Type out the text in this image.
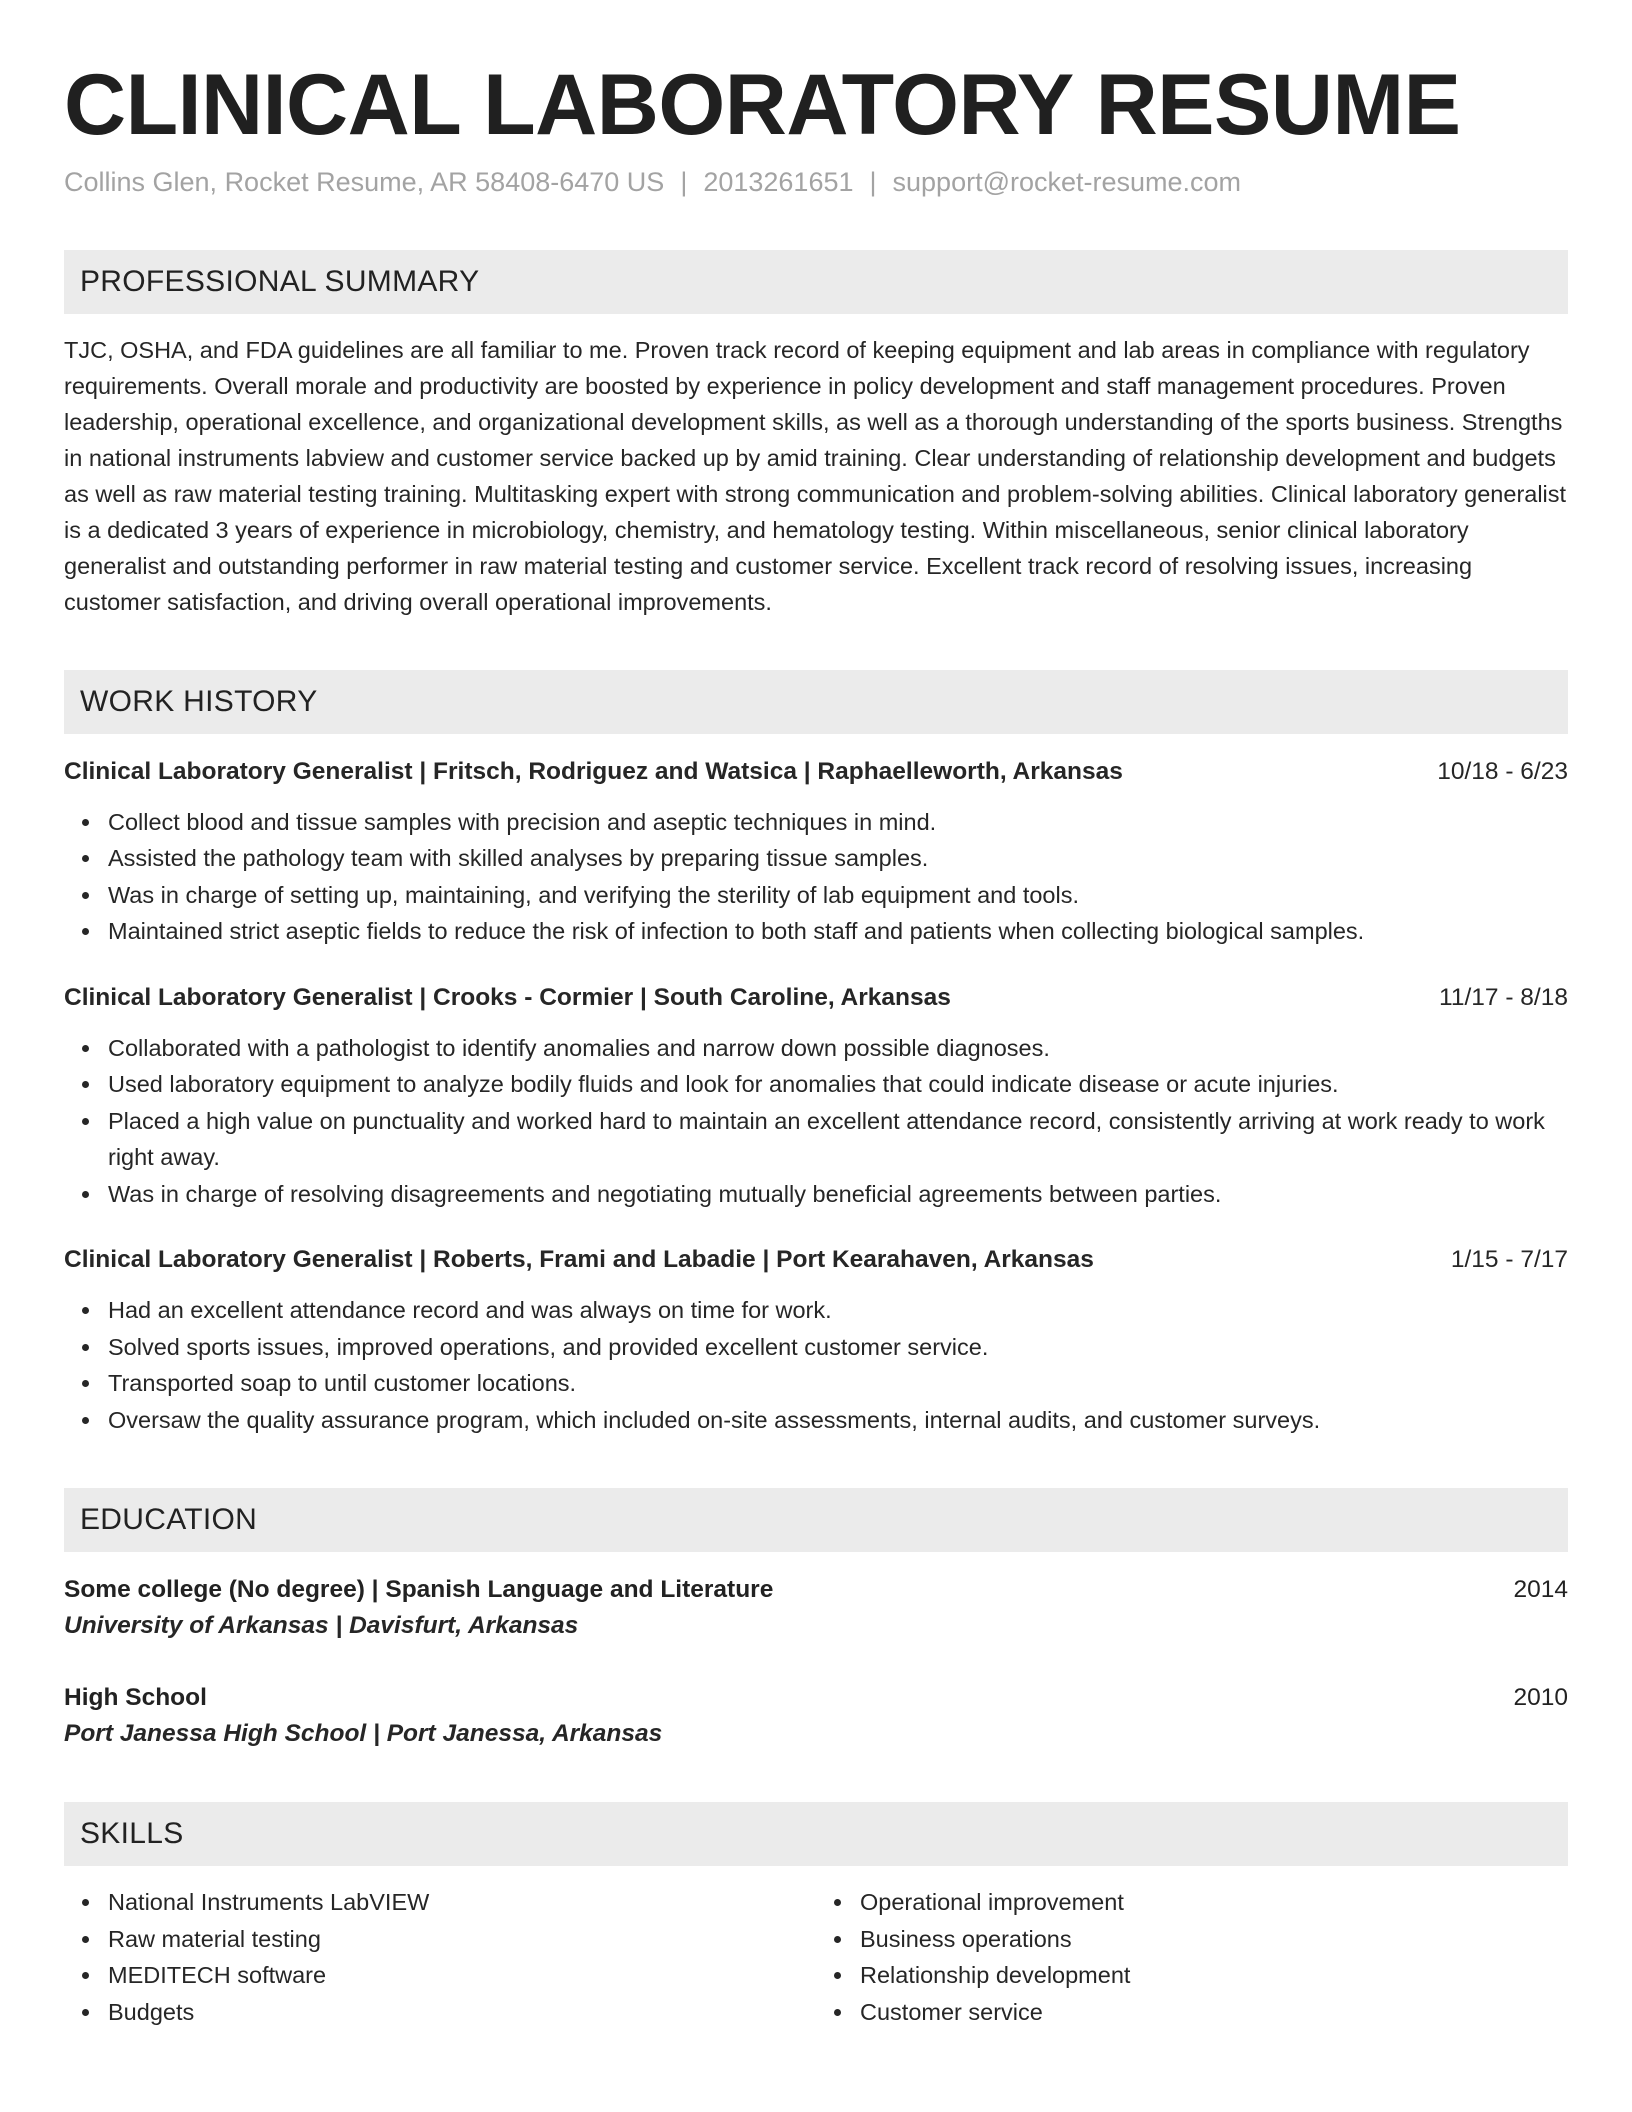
CLINICAL LABORATORY RESUME
Collins Glen, Rocket Resume, AR 58408-6470 US | 2013261651 | support@rocket-resume.com
PROFESSIONAL SUMMARY
TJC, OSHA, and FDA guidelines are all familiar to me. Proven track record of keeping equipment and lab areas in compliance with regulatory requirements. Overall morale and productivity are boosted by experience in policy development and staff management procedures. Proven leadership, operational excellence, and organizational development skills, as well as a thorough understanding of the sports business. Strengths in national instruments labview and customer service backed up by amid training. Clear understanding of relationship development and budgets as well as raw material testing training. Multitasking expert with strong communication and problem-solving abilities. Clinical laboratory generalist is a dedicated 3 years of experience in microbiology, chemistry, and hematology testing. Within miscellaneous, senior clinical laboratory generalist and outstanding performer in raw material testing and customer service. Excellent track record of resolving issues, increasing customer satisfaction, and driving overall operational improvements.
WORK HISTORY
Clinical Laboratory Generalist | Fritsch, Rodriguez and Watsica | Raphaelleworth, Arkansas	10/18 - 6/23
Collect blood and tissue samples with precision and aseptic techniques in mind.
Assisted the pathology team with skilled analyses by preparing tissue samples.
Was in charge of setting up, maintaining, and verifying the sterility of lab equipment and tools.
Maintained strict aseptic fields to reduce the risk of infection to both staff and patients when collecting biological samples.
Clinical Laboratory Generalist | Crooks - Cormier | South Caroline, Arkansas	11/17 - 8/18
Collaborated with a pathologist to identify anomalies and narrow down possible diagnoses.
Used laboratory equipment to analyze bodily fluids and look for anomalies that could indicate disease or acute injuries.
Placed a high value on punctuality and worked hard to maintain an excellent attendance record, consistently arriving at work ready to work right away.
Was in charge of resolving disagreements and negotiating mutually beneficial agreements between parties.
Clinical Laboratory Generalist | Roberts, Frami and Labadie | Port Kearahaven, Arkansas	1/15 - 7/17
Had an excellent attendance record and was always on time for work.
Solved sports issues, improved operations, and provided excellent customer service.
Transported soap to until customer locations.
Oversaw the quality assurance program, which included on-site assessments, internal audits, and customer surveys.
EDUCATION
Some college (No degree) | Spanish Language and Literature	2014
University of Arkansas | Davisfurt, Arkansas
High School	2010
Port Janessa High School | Port Janessa, Arkansas
SKILLS
National Instruments LabVIEW
Raw material testing
MEDITECH software
Budgets
Operational improvement
Business operations
Relationship development
Customer service
